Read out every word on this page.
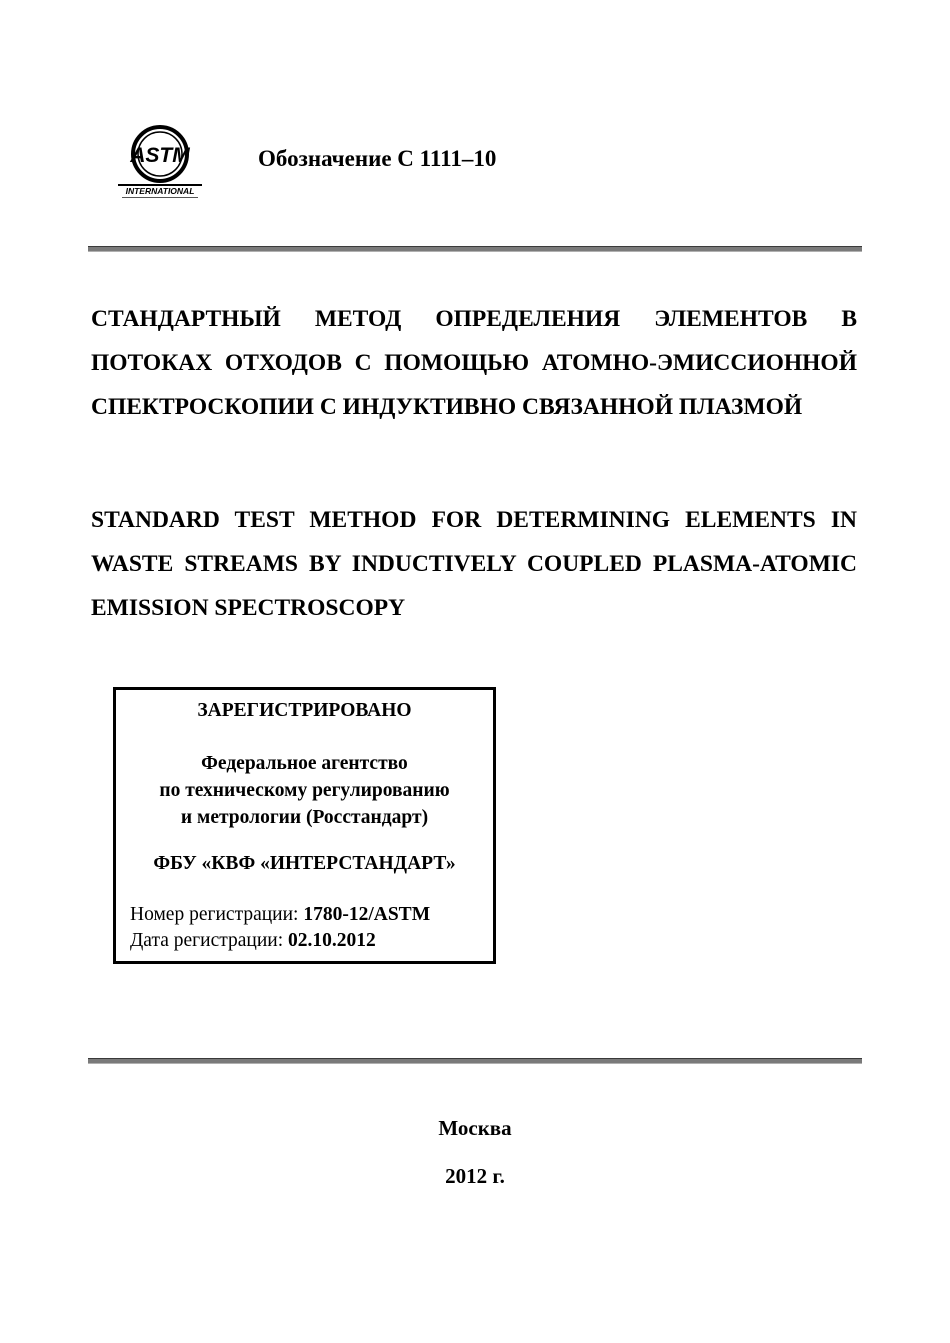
ASTM
INTERNATIONAL
Обозначение С 1111–10

СТАНДАРТНЫЙ МЕТОД ОПРЕДЕЛЕНИЯ ЭЛЕМЕНТОВ В ПОТОКАХ ОТХОДОВ С ПОМОЩЬЮ АТОМНО-ЭМИССИОННОЙ СПЕКТРОСКОПИИ С ИНДУКТИВНО СВЯЗАННОЙ ПЛАЗМОЙ

STANDARD TEST METHOD FOR DETERMINING ELEMENTS IN WASTE STREAMS BY INDUCTIVELY COUPLED PLASMA-ATOMIC EMISSION SPECTROSCOPY

ЗАРЕГИСТРИРОВАНО
Федеральное агентство
по техническому регулированию
и метрологии (Росстандарт)
ФБУ «КВФ «ИНТЕРСТАНДАРТ»
Номер регистрации: 1780-12/ASTM
Дата регистрации: 02.10.2012
Москва
2012 г.
